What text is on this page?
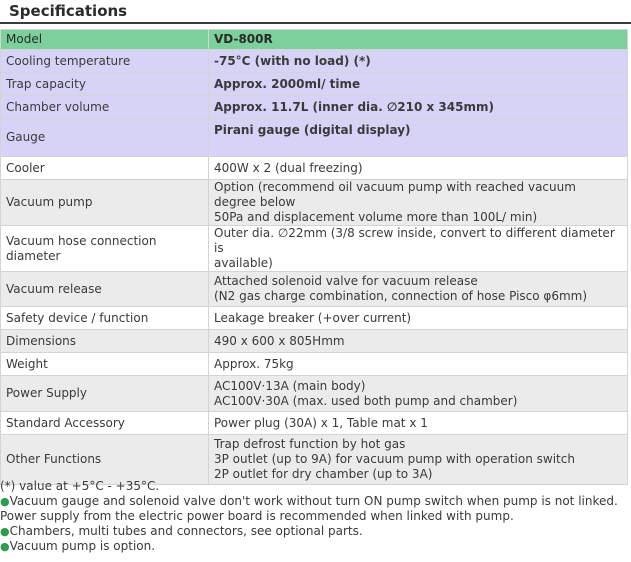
Specifications
Model	VD-800R

Cooling temperature	-75°C (with no load) (*)

Trap capacity	Approx. 2000ml/ time

Chamber volume	Approx. 11.7L (inner dia. ∅210 x 345mm)

Gauge	Pirani gauge (digital display)

Cooler	400W x 2 (dual freezing)

Vacuum pump	Option (recommend oil vacuum pump with reached vacuum degree below
50Pa and displacement volume more than 100L/ min)

Vacuum hose connection diameter	Outer dia. ∅22mm (3/8 screw inside, convert to different diameter is
available)

Vacuum release	Attached solenoid valve for vacuum release
(N2 gas charge combination, connection of hose Pisco φ6mm)

Safety device / function	Leakage breaker (+over current)

Dimensions	490 x 600 x 805Hmm

Weight	Approx. 75kg

Power Supply	AC100V·13A (main body)
AC100V·30A (max. used both pump and chamber)

Standard Accessory	Power plug (30A) x 1, Table mat x 1

Other Functions	Trap defrost function by hot gas
3P outlet (up to 9A) for vacuum pump with operation switch
2P outlet for dry chamber (up to 3A)

(*) value at +5°C - +35°C.

●Vacuum gauge and solenoid valve don't work without turn ON pump switch when pump is not linked. Power supply from the electric power board is recommended when linked with pump.

●Chambers, multi tubes and connectors, see optional parts.

●Vacuum pump is option.
